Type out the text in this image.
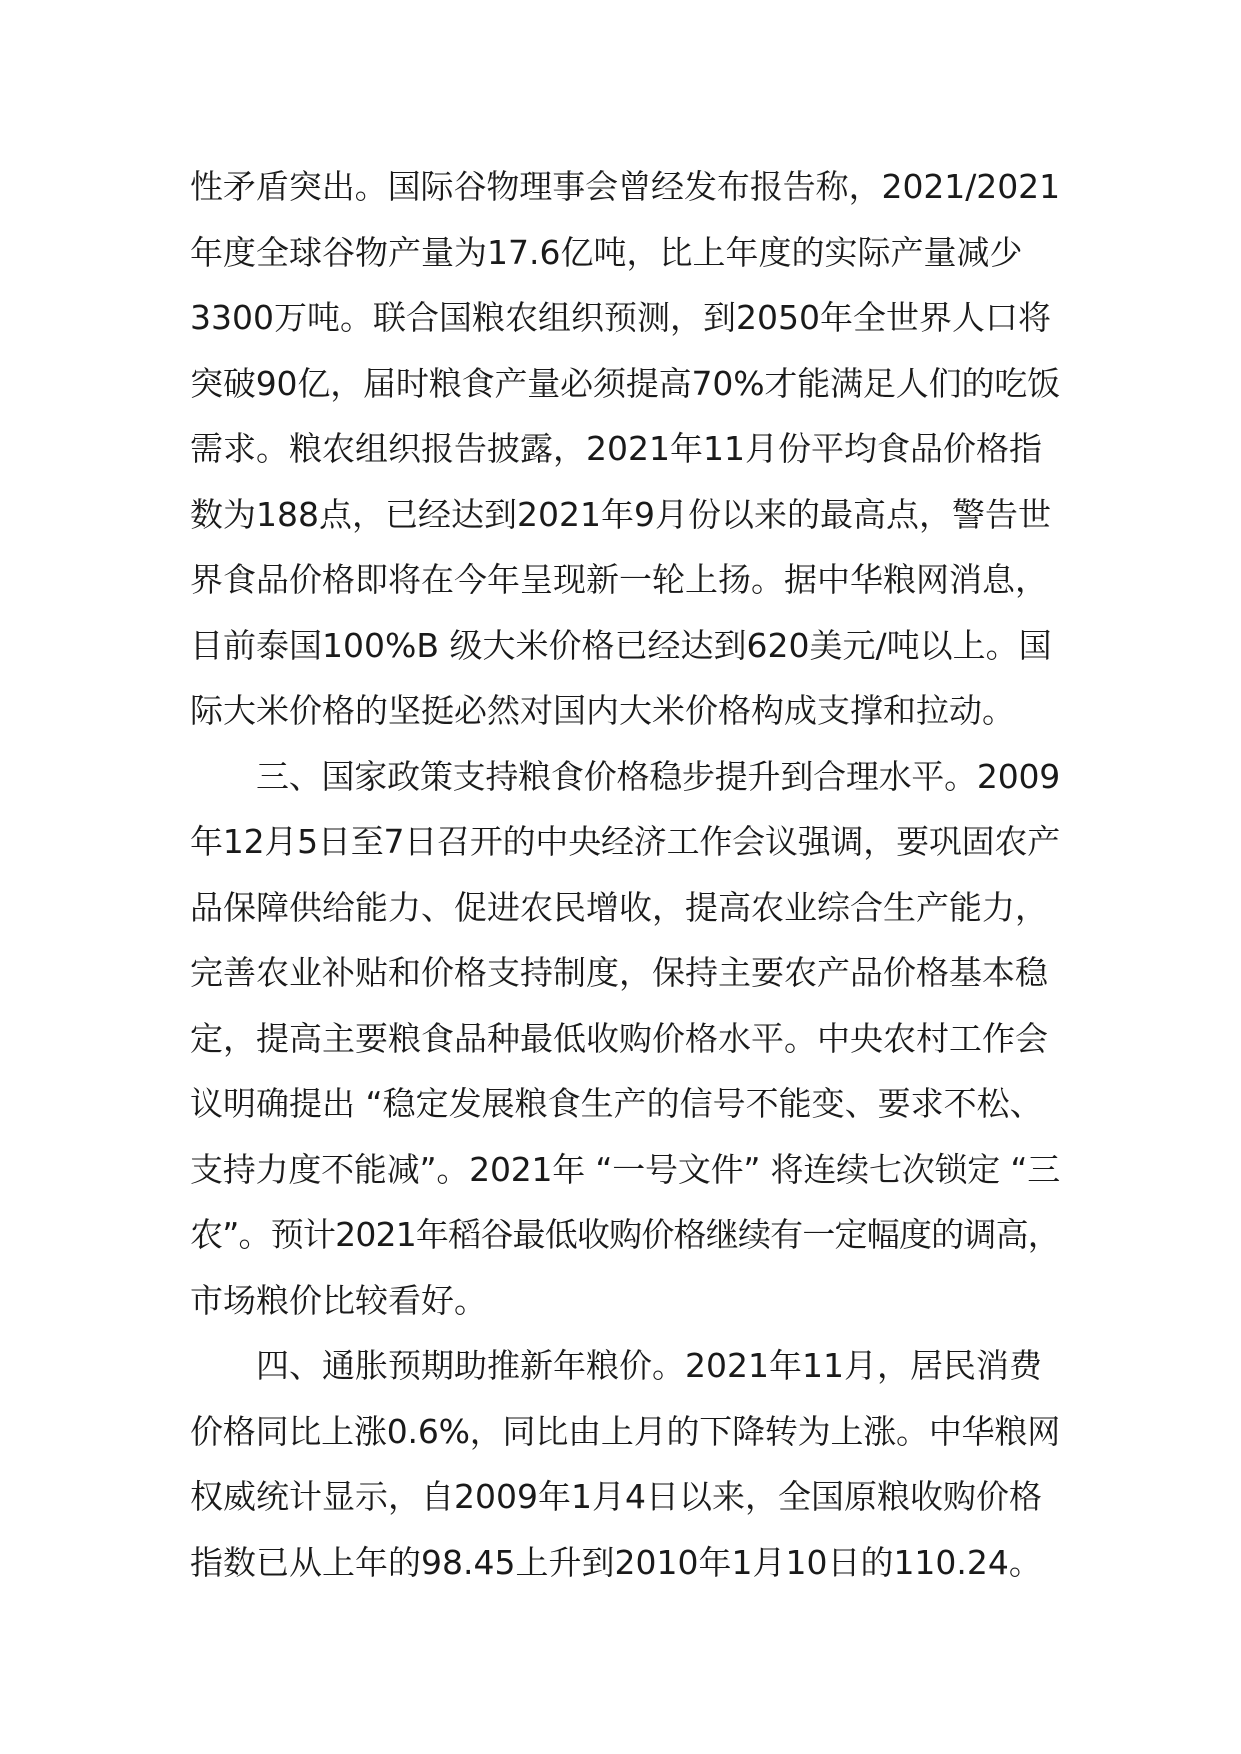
性矛盾突出。国际谷物理事会曾经发布报告称，2021/2021
年度全球谷物产量为17.6亿吨，比上年度的实际产量减少
3300万吨。联合国粮农组织预测，到2050年全世界人口将
突破90亿，届时粮食产量必须提高70%才能满足人们的吃饭
需求。粮农组织报告披露，2021年11月份平均食品价格指
数为188点，已经达到2021年9月份以来的最高点，警告世
界食品价格即将在今年呈现新一轮上扬。据中华粮网消息，
目前泰国100%B 级大米价格已经达到620美元/吨以上。国
际大米价格的坚挺必然对国内大米价格构成支撑和拉动。
三、国家政策支持粮食价格稳步提升到合理水平。2009
年12月5日至7日召开的中央经济工作会议强调，要巩固农产
品保障供给能力、促进农民增收，提高农业综合生产能力，
完善农业补贴和价格支持制度，保持主要农产品价格基本稳
定，提高主要粮食品种最低收购价格水平。中央农村工作会
议明确提出 “稳定发展粮食生产的信号不能变、要求不松、
支持力度不能减”。2021年 “一号文件” 将连续七次锁定 “三
农”。预计2021年稻谷最低收购价格继续有一定幅度的调高，
市场粮价比较看好。
四、通胀预期助推新年粮价。2021年11月，居民消费
价格同比上涨0.6%，同比由上月的下降转为上涨。中华粮网
权威统计显示，自2009年1月4日以来，全国原粮收购价格
指数已从上年的98.45上升到2010年1月10日的110.24。
